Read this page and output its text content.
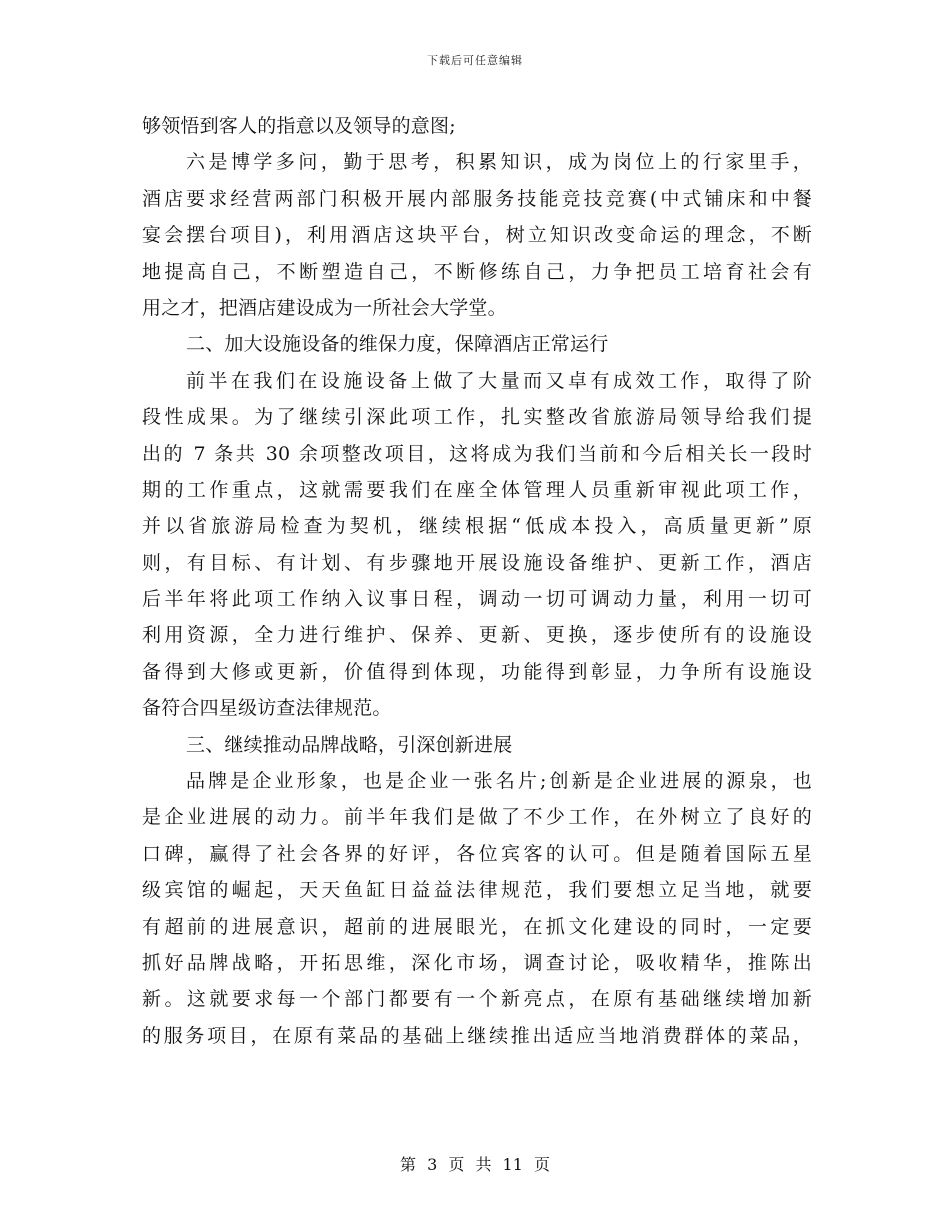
下载后可任意编辑
够领悟到客人的指意以及领导的意图;
六是博学多问，勤于思考，积累知识，成为岗位上的行家里手，
酒店要求经营两部门积极开展内部服务技能竞技竞赛(中式铺床和中餐
宴会摆台项目)，利用酒店这块平台，树立知识改变命运的理念，不断
地提高自己，不断塑造自己，不断修练自己，力争把员工培育社会有
用之才，把酒店建设成为一所社会大学堂。
二、加大设施设备的维保力度，保障酒店正常运行
前半在我们在设施设备上做了大量而又卓有成效工作，取得了阶
段性成果。为了继续引深此项工作，扎实整改省旅游局领导给我们提
出的 7 条共 30 余项整改项目，这将成为我们当前和今后相关长一段时
期的工作重点，这就需要我们在座全体管理人员重新审视此项工作，
并以省旅游局检查为契机，继续根据“低成本投入，高质量更新”原
则，有目标、有计划、有步骤地开展设施设备维护、更新工作，酒店
后半年将此项工作纳入议事日程，调动一切可调动力量，利用一切可
利用资源，全力进行维护、保养、更新、更换，逐步使所有的设施设
备得到大修或更新，价值得到体现，功能得到彰显，力争所有设施设
备符合四星级访查法律规范。
三、继续推动品牌战略，引深创新进展
品牌是企业形象，也是企业一张名片;创新是企业进展的源泉，也
是企业进展的动力。前半年我们是做了不少工作，在外树立了良好的
口碑，赢得了社会各界的好评，各位宾客的认可。但是随着国际五星
级宾馆的崛起，天天鱼缸日益益法律规范，我们要想立足当地，就要
有超前的进展意识，超前的进展眼光，在抓文化建设的同时，一定要
抓好品牌战略，开拓思维，深化市场，调查讨论，吸收精华，推陈出
新。这就要求每一个部门都要有一个新亮点，在原有基础继续增加新
的服务项目，在原有菜品的基础上继续推出适应当地消费群体的菜品，
第 3 页 共 11 页
